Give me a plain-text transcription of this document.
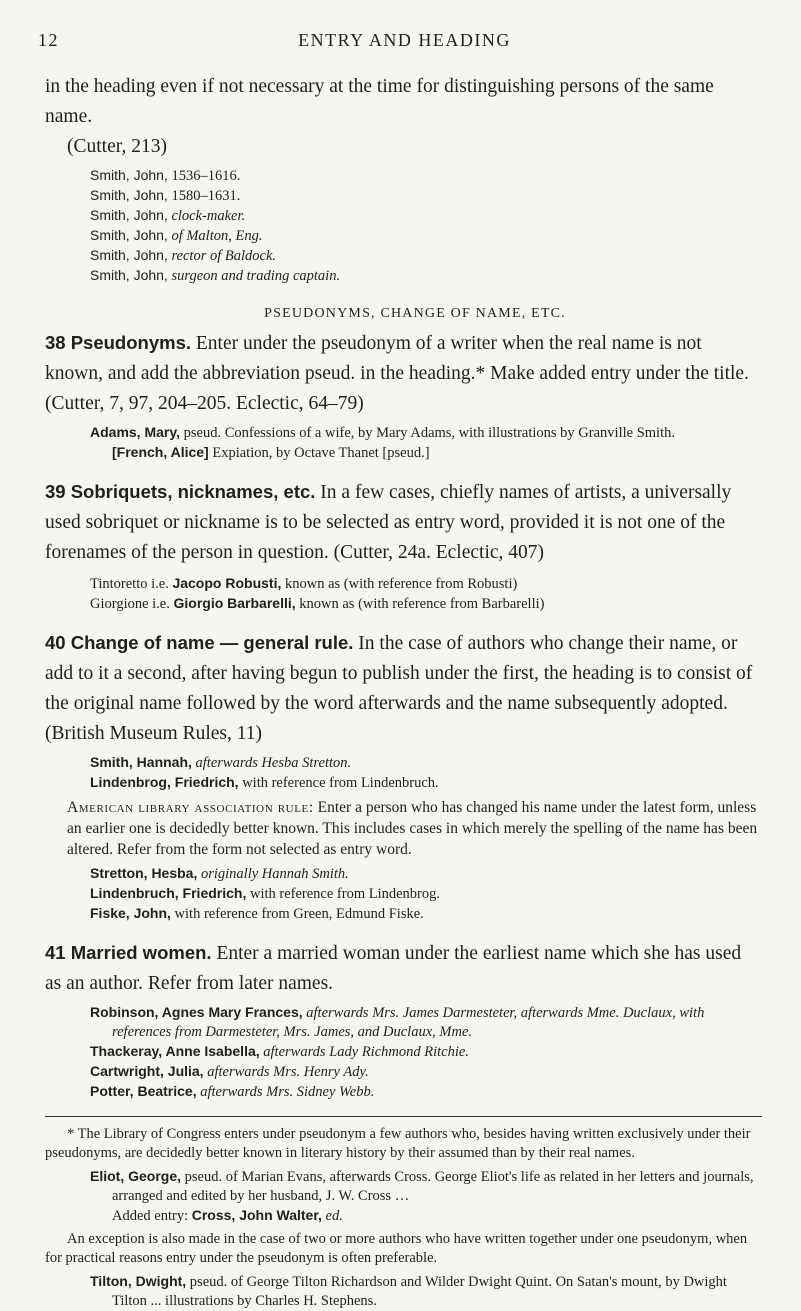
12	ENTRY AND HEADING

in the heading even if not necessary at the time for distinguishing persons of the same name.

(Cutter, 213)

Smith, John, 1536–1616.

Smith, John, 1580–1631.

Smith, John, clock-maker.

Smith, John, of Malton, Eng.

Smith, John, rector of Baldock.

Smith, John, surgeon and trading captain.

PSEUDONYMS, CHANGE OF NAME, ETC.

38 Pseudonyms. Enter under the pseudonym of a writer when the real name is not known, and add the abbreviation pseud. in the heading.* Make added entry under the title. (Cutter, 7, 97, 204–205. Eclectic, 64–79)

Adams, Mary, pseud. Confessions of a wife, by Mary Adams, with illustrations by Granville Smith.

[French, Alice] Expiation, by Octave Thanet [pseud.]

39 Sobriquets, nicknames, etc. In a few cases, chiefly names of artists, a universally used sobriquet or nickname is to be selected as entry word, provided it is not one of the forenames of the person in question. (Cutter, 24a. Eclectic, 407)

Tintoretto i.e. Jacopo Robusti, known as (with reference from Robusti)

Giorgione i.e. Giorgio Barbarelli, known as (with reference from Barbarelli)

40 Change of name — general rule. In the case of authors who change their name, or add to it a second, after having begun to publish under the first, the heading is to consist of the original name followed by the word afterwards and the name subsequently adopted. (British Museum Rules, 11)

Smith, Hannah, afterwards Hesba Stretton.

Lindenbrog, Friedrich, with reference from Lindenbruch.

American library association rule: Enter a person who has changed his name under the latest form, unless an earlier one is decidedly better known. This includes cases in which merely the spelling of the name has been altered. Refer from the form not selected as entry word.

Stretton, Hesba, originally Hannah Smith.

Lindenbruch, Friedrich, with reference from Lindenbrog.

Fiske, John, with reference from Green, Edmund Fiske.

41 Married women. Enter a married woman under the earliest name which she has used as an author. Refer from later names.

Robinson, Agnes Mary Frances, afterwards Mrs. James Darmesteter, afterwards Mme. Duclaux, with references from Darmesteter, Mrs. James, and Duclaux, Mme.

Thackeray, Anne Isabella, afterwards Lady Richmond Ritchie.

Cartwright, Julia, afterwards Mrs. Henry Ady.

Potter, Beatrice, afterwards Mrs. Sidney Webb.

* The Library of Congress enters under pseudonym a few authors who, besides having written exclusively under their pseudonyms, are decidedly better known in literary history by their assumed than by their real names.

Eliot, George, pseud. of Marian Evans, afterwards Cross. George Eliot's life as related in her letters and journals, arranged and edited by her husband, J. W. Cross …

Added entry: Cross, John Walter, ed.

An exception is also made in the case of two or more authors who have written together under one pseudonym, when for practical reasons entry under the pseudonym is often preferable.

Tilton, Dwight, pseud. of George Tilton Richardson and Wilder Dwight Quint. On Satan's mount, by Dwight Tilton ... illustrations by Charles H. Stephens.
